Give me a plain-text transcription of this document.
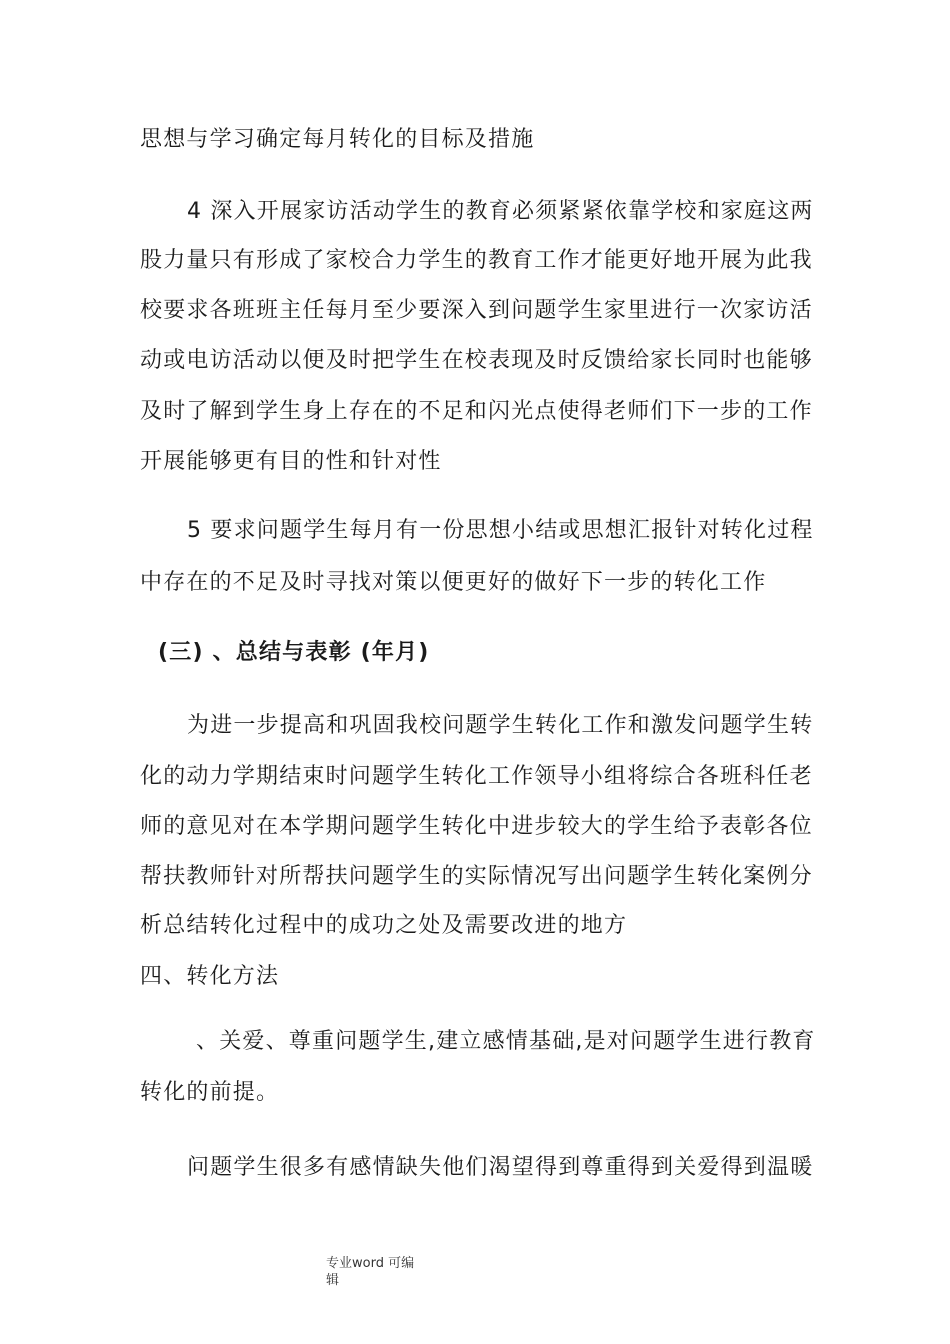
思想与学习确定每月转化的目标及措施
4 深入开展家访活动学生的教育必须紧紧依靠学校和家庭这两
股力量只有形成了家校合力学生的教育工作才能更好地开展为此我
校要求各班班主任每月至少要深入到问题学生家里进行一次家访活
动或电访活动以便及时把学生在校表现及时反馈给家长同时也能够
及时了解到学生身上存在的不足和闪光点使得老师们下一步的工作
开展能够更有目的性和针对性
5 要求问题学生每月有一份思想小结或思想汇报针对转化过程
中存在的不足及时寻找对策以便更好的做好下一步的转化工作
(三) 、总结与表彰 (年月)
为进一步提高和巩固我校问题学生转化工作和激发问题学生转
化的动力学期结束时问题学生转化工作领导小组将综合各班科任老
师的意见对在本学期问题学生转化中进步较大的学生给予表彰各位
帮扶教师针对所帮扶问题学生的实际情况写出问题学生转化案例分
析总结转化过程中的成功之处及需要改进的地方
四、转化方法
、关爱、尊重问题学生,建立感情基础,是对问题学生进行教育
转化的前提。
问题学生很多有感情缺失他们渴望得到尊重得到关爱得到温暖
专业word 可编
辑
